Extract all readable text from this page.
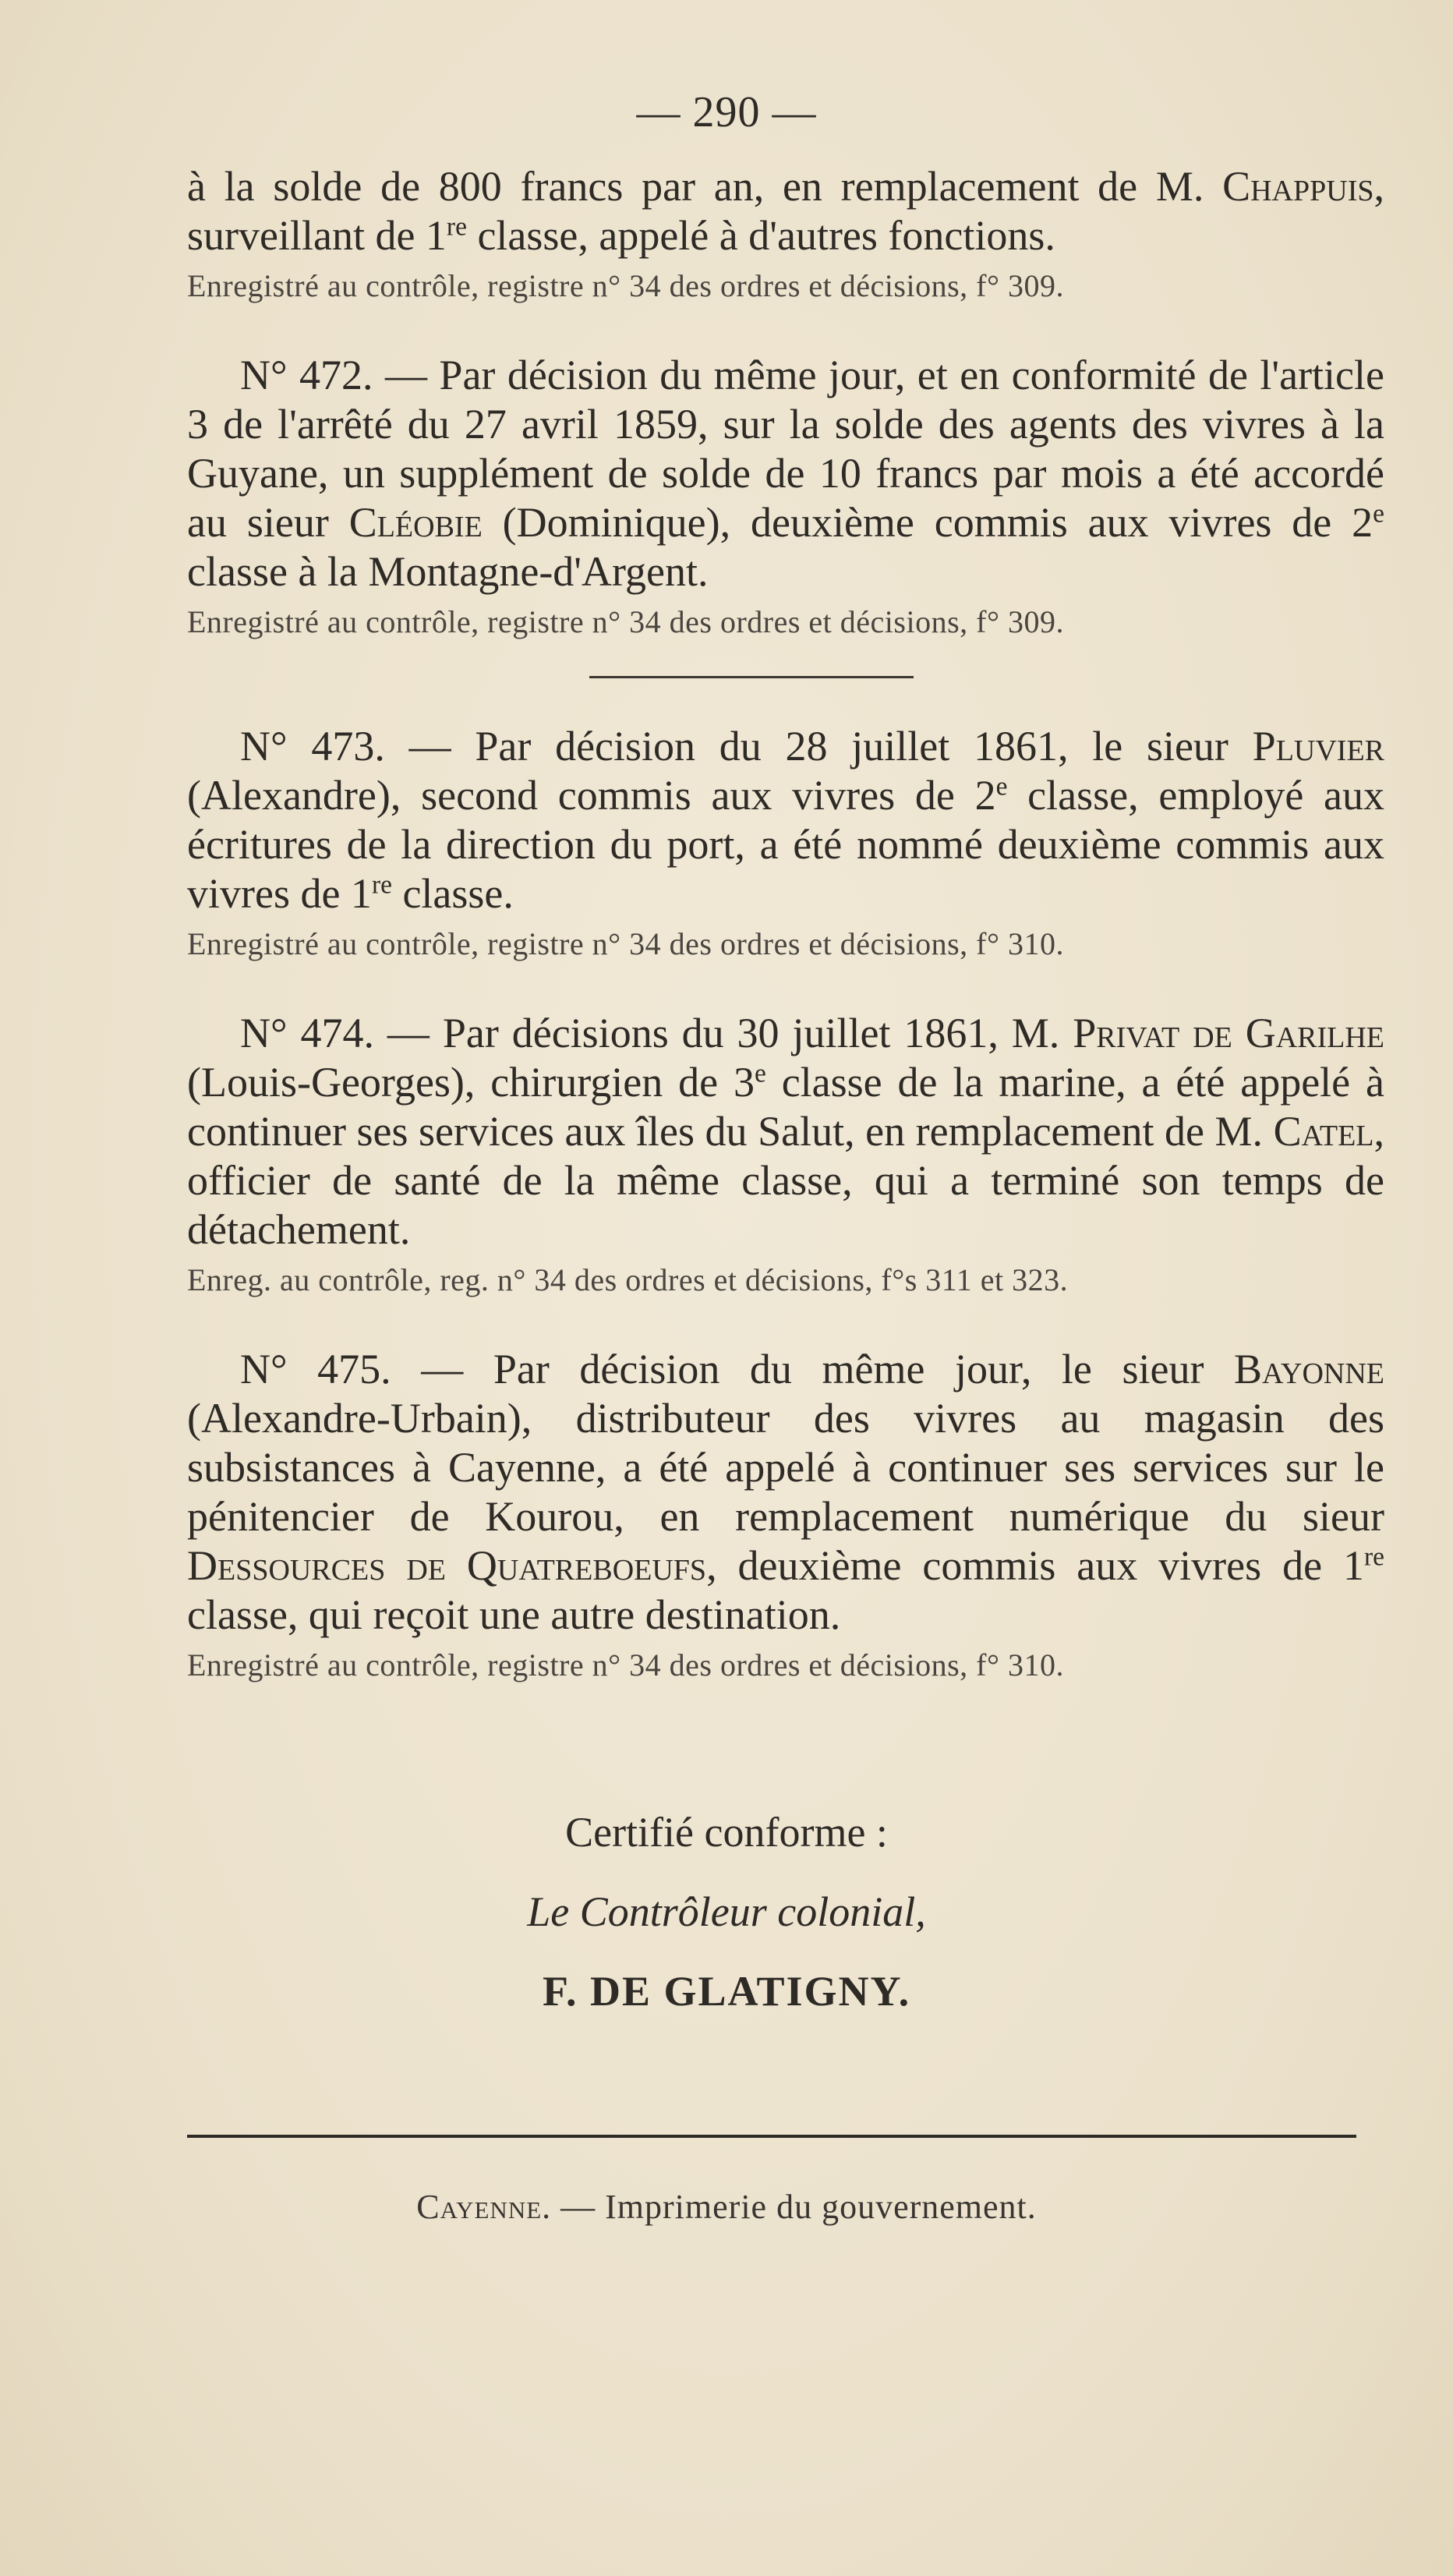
— 290 —

à la solde de 800 francs par an, en remplacement de M. Chappuis, surveillant de 1re classe, appelé à d'autres fonctions.

Enregistré au contrôle, registre n° 34 des ordres et décisions, f° 309.

N° 472. — Par décision du même jour, et en conformité de l'article 3 de l'arrêté du 27 avril 1859, sur la solde des agents des vivres à la Guyane, un supplément de solde de 10 francs par mois a été accordé au sieur Cléobie (Dominique), deuxième commis aux vivres de 2e classe à la Montagne-d'Argent.

Enregistré au contrôle, registre n° 34 des ordres et décisions, f° 309.

N° 473. — Par décision du 28 juillet 1861, le sieur Pluvier (Alexandre), second commis aux vivres de 2e classe, employé aux écritures de la direction du port, a été nommé deuxième commis aux vivres de 1re classe.

Enregistré au contrôle, registre n° 34 des ordres et décisions, f° 310.

N° 474. — Par décisions du 30 juillet 1861, M. Privat de Garilhe (Louis-Georges), chirurgien de 3e classe de la marine, a été appelé à continuer ses services aux îles du Salut, en remplacement de M. Catel, officier de santé de la même classe, qui a terminé son temps de détachement.

Enreg. au contrôle, reg. n° 34 des ordres et décisions, f°s 311 et 323.

N° 475. — Par décision du même jour, le sieur Bayonne (Alexandre-Urbain), distributeur des vivres au magasin des subsistances à Cayenne, a été appelé à continuer ses services sur le pénitencier de Kourou, en remplacement numérique du sieur Dessources de Quatreboeufs, deuxième commis aux vivres de 1re classe, qui reçoit une autre destination.

Enregistré au contrôle, registre n° 34 des ordres et décisions, f° 310.

Certifié conforme :

Le Contrôleur colonial,

F. DE GLATIGNY.

Cayenne. — Imprimerie du gouvernement.
